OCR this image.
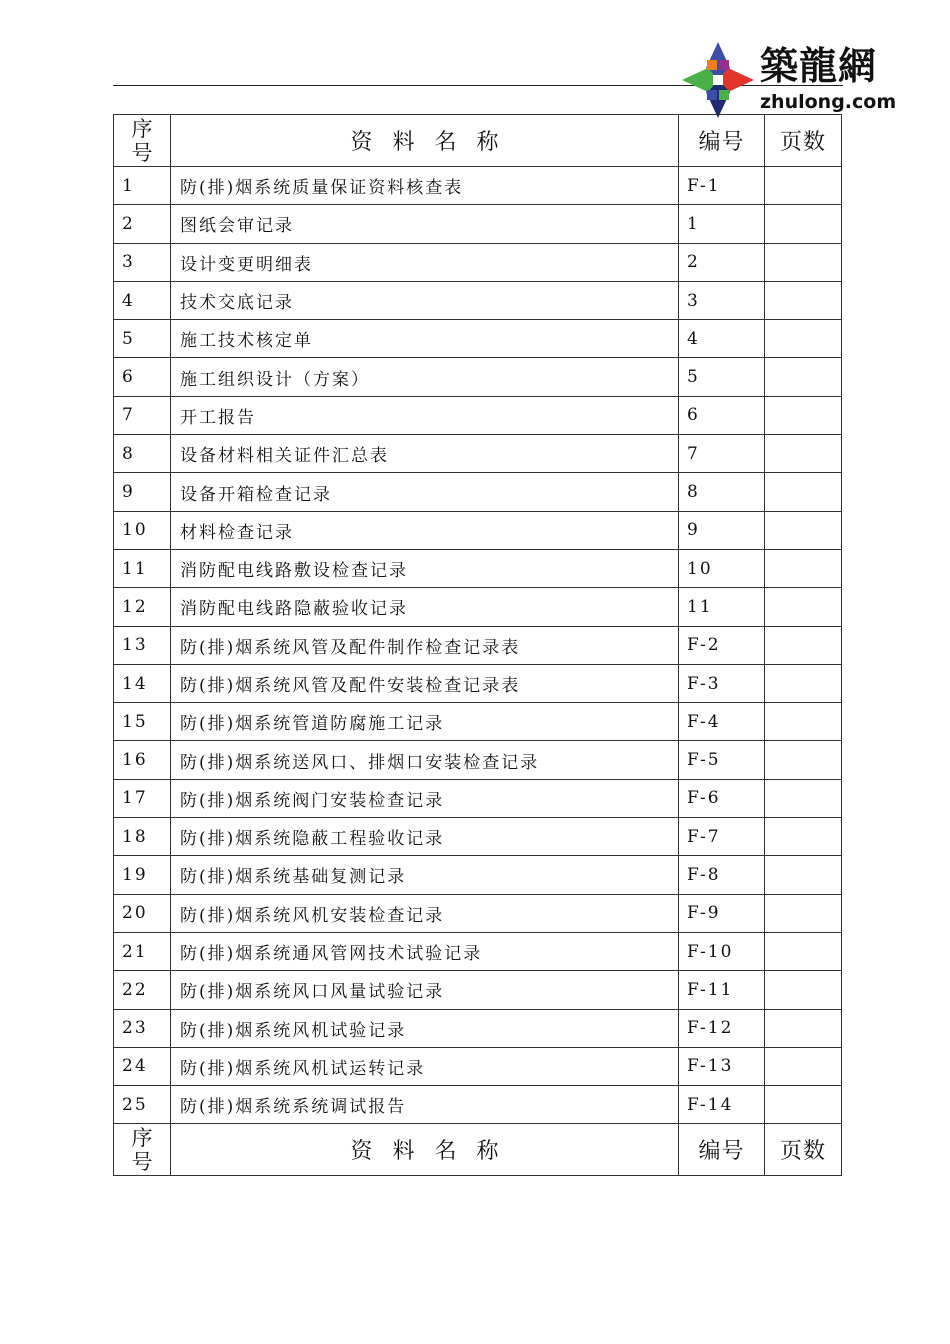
築龍網
zhulong.com
序
号	资料名称	编号	页数
1	防(排)烟系统质量保证资料核查表	F-1	
2	图纸会审记录	1	
3	设计变更明细表	2	
4	技术交底记录	3	
5	施工技术核定单	4	
6	施工组织设计（方案）	5	
7	开工报告	6	
8	设备材料相关证件汇总表	7	
9	设备开箱检查记录	8	
10	材料检查记录	9	
11	消防配电线路敷设检查记录	10	
12	消防配电线路隐蔽验收记录	11	
13	防(排)烟系统风管及配件制作检查记录表	F-2	
14	防(排)烟系统风管及配件安装检查记录表	F-3	
15	防(排)烟系统管道防腐施工记录	F-4	
16	防(排)烟系统送风口、排烟口安装检查记录	F-5	
17	防(排)烟系统阀门安装检查记录	F-6	
18	防(排)烟系统隐蔽工程验收记录	F-7	
19	防(排)烟系统基础复测记录	F-8	
20	防(排)烟系统风机安装检查记录	F-9	
21	防(排)烟系统通风管网技术试验记录	F-10	
22	防(排)烟系统风口风量试验记录	F-11	
23	防(排)烟系统风机试验记录	F-12	
24	防(排)烟系统风机试运转记录	F-13	
25	防(排)烟系统系统调试报告	F-14	
序
号	资料名称	编号	页数
